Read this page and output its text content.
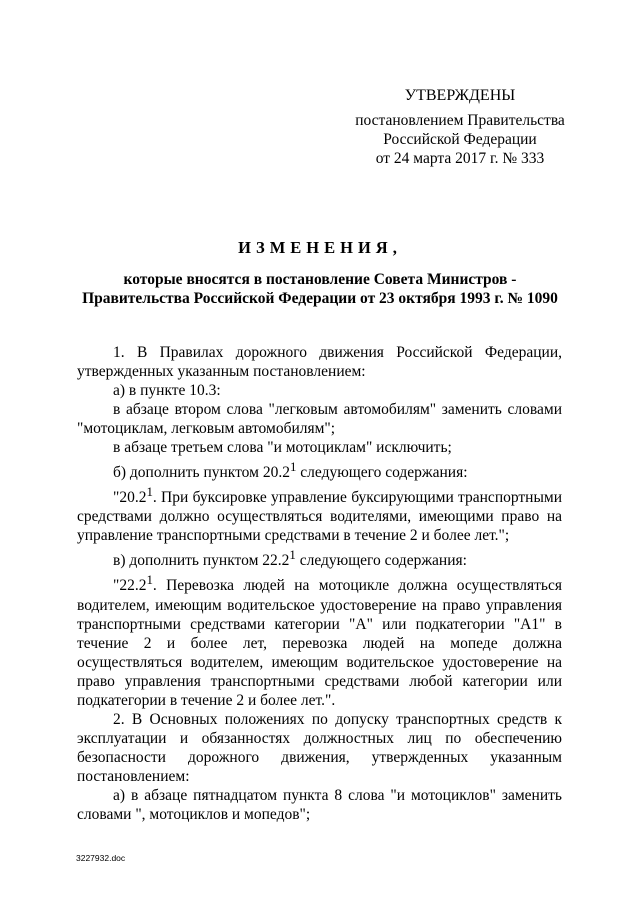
УТВЕРЖДЕНЫ
постановлением Правительства
Российской Федерации
от 24 марта 2017 г. № 333
ИЗМЕНЕНИЯ,
которые вносятся в постановление Совета Министров -
Правительства Российской Федерации от 23 октября 1993 г. № 1090

1. В Правилах дорожного движения Российской Федерации, утвержденных указанным постановлением:

а) в пункте 10.3:

в абзаце втором слова "легковым автомобилям" заменить словами "мотоциклам, легковым автомобилям";

в абзаце третьем слова "и мотоциклам" исключить;

б) дополнить пунктом 20.2$^1$ следующего содержания:

"20.2$^1$. При буксировке управление буксирующими транспортными средствами должно осуществляться водителями, имеющими право на управление транспортными средствами в течение 2 и более лет.";

в) дополнить пунктом 22.2$^1$ следующего содержания:

"22.2$^1$. Перевозка людей на мотоцикле должна осуществляться водителем, имеющим водительское удостоверение на право управления транспортными средствами категории "А" или подкатегории "А1" в течение 2 и более лет, перевозка людей на мопеде должна осуществляться водителем, имеющим водительское удостоверение на право управления транспортными средствами любой категории или подкатегории в течение 2 и более лет.".

2. В Основных положениях по допуску транспортных средств к эксплуатации и обязанностях должностных лиц по обеспечению безопасности дорожного движения, утвержденных указанным постановлением:

а) в абзаце пятнадцатом пункта 8 слова "и мотоциклов" заменить словами ", мотоциклов и мопедов";

3227932.doc
